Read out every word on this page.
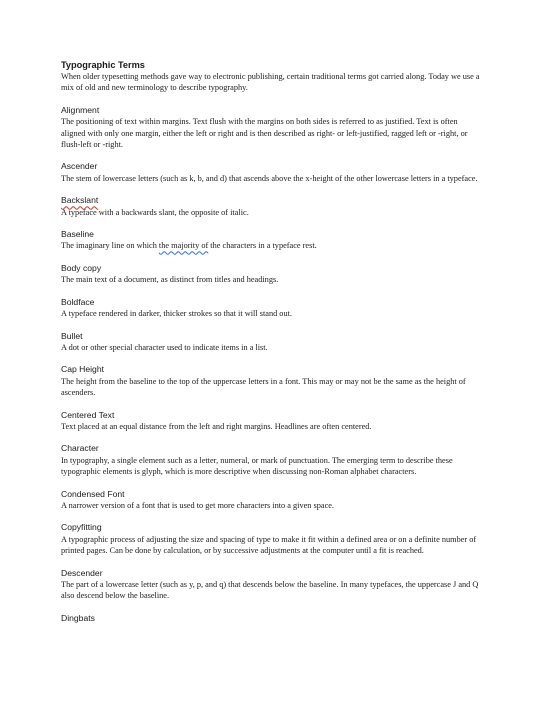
Typographic Terms

When older typesetting methods gave way to electronic publishing, certain traditional terms got carried along. Today we use a mix of old and new terminology to describe typography.

Alignment

The positioning of text within margins. Text flush with the margins on both sides is referred to as justified. Text is often aligned with only one margin, either the left or right and is then described as right- or left-justified, ragged left or -right, or flush-left or -right.

Ascender

The stem of lowercase letters (such as k, b, and d) that ascends above the x-height of the other lowercase letters in a typeface.

Backslant

A typeface with a backwards slant, the opposite of italic.

Baseline

The imaginary line on which the majority of the characters in a typeface rest.

Body copy

The main text of a document, as distinct from titles and headings.

Boldface

A typeface rendered in darker, thicker strokes so that it will stand out.

Bullet

A dot or other special character used to indicate items in a list.

Cap Height

The height from the baseline to the top of the uppercase letters in a font. This may or may not be the same as the height of ascenders.

Centered Text

Text placed at an equal distance from the left and right margins. Headlines are often centered.

Character

In typography, a single element such as a letter, numeral, or mark of punctuation. The emerging term to describe these typographic elements is glyph, which is more descriptive when discussing non-Roman alphabet characters.

Condensed Font

A narrower version of a font that is used to get more characters into a given space.

Copyfitting

A typographic process of adjusting the size and spacing of type to make it fit within a defined area or on a definite number of printed pages. Can be done by calculation, or by successive adjustments at the computer until a fit is reached.

Descender

The part of a lowercase letter (such as y, p, and q) that descends below the baseline. In many typefaces, the uppercase J and Q also descend below the baseline.

Dingbats
